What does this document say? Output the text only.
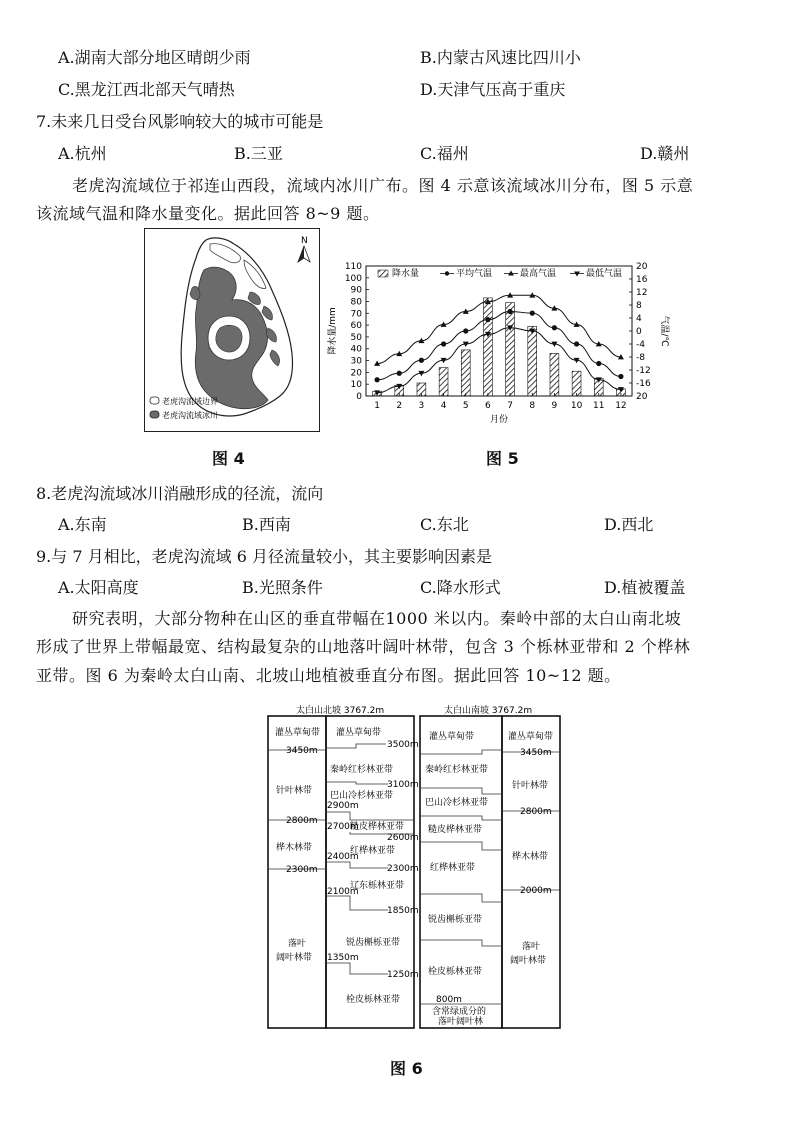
A.湖南大部分地区晴朗少雨	B.内蒙古风速比四川小
C.黑龙江西北部天气晴热	D.天津气压高于重庆
7.未来几日受台风影响较大的城市可能是
A.杭州	B.三亚	C.福州	D.赣州
老虎沟流域位于祁连山西段，流域内冰川广布。图 4 示意该流域冰川分布，图 5 示意
该流域气温和降水量变化。据此回答 8~9 题。
N
老虎沟流域边界
老虎沟流域冰川
图 4
0
10
20
30
40
50
60
70
80
90
100
110
20
-16
-12
-8
-4
0
4
8
12
16
20
1 2 3 4 5 6 7 8 9 10 11 12
月份
降水量/mm	气温/℃
降水量	平均气温	最高气温	最低气温
图 5
8.老虎沟流域冰川消融形成的径流，流向
A.东南	B.西南	C.东北	D.西北
9.与 7 月相比，老虎沟流域 6 月径流量较小，其主要影响因素是
A.太阳高度	B.光照条件	C.降水形式	D.植被覆盖
研究表明，大部分物种在山区的垂直带幅在1000 米以内。秦岭中部的太白山南北坡
形成了世界上带幅最宽、结构最复杂的山地落叶阔叶林带，包含 3 个栎林亚带和 2 个桦林
亚带。图 6 为秦岭太白山南、北坡山地植被垂直分布图。据此回答 10~12 题。
太白山北坡 3767.2m	太白山南坡 3767.2m
灌丛草甸带
3450m
针叶林带
2800m
桦木林带
2300m
落叶
阔叶林带
灌丛草甸带
3500m
秦岭红杉林亚带
3100m
巴山冷杉林亚带
2900m
2700m
糙皮桦林亚带
2600m
2400m
红桦林亚带
2300m
2100m
辽东栎林亚带
1850m
锐齿槲栎亚带
1350m
1250m
栓皮栎林亚带
灌丛草甸带
秦岭红杉林亚带
巴山冷杉林亚带
糙皮桦林亚带
红桦林亚带
锐齿槲栎亚带
栓皮栎林亚带
800m
含常绿成分的
落叶阔叶林
灌丛草甸带
3450m
针叶林带
2800m
桦木林带
2000m
落叶
阔叶林带
图 6
